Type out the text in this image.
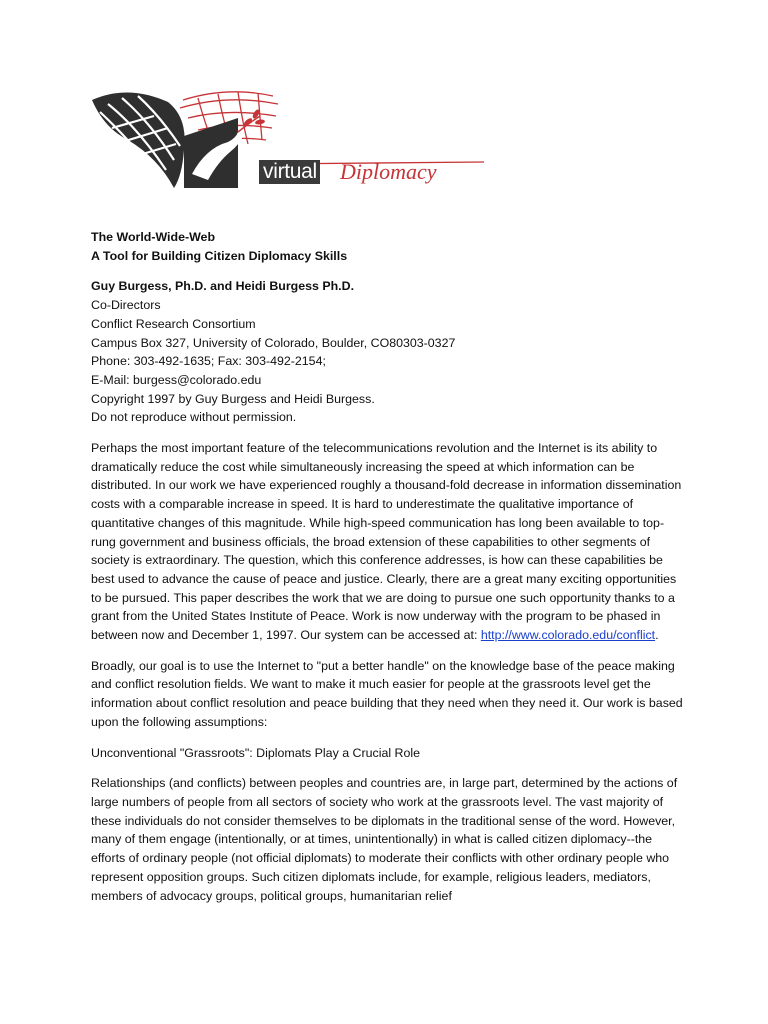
virtual Diplomacy

The World-Wide-Web

A Tool for Building Citizen Diplomacy Skills

Guy Burgess, Ph.D. and Heidi Burgess Ph.D.

Co-Directors

Conflict Research Consortium

Campus Box 327, University of Colorado, Boulder, CO80303-0327

Phone: 303-492-1635; Fax: 303-492-2154;

E-Mail: burgess@colorado.edu

Copyright 1997 by Guy Burgess and Heidi Burgess.

Do not reproduce without permission.

Perhaps the most important feature of the telecommunications revolution and the Internet is its ability to dramatically reduce the cost while simultaneously increasing the speed at which information can be distributed. In our work we have experienced roughly a thousand-fold decrease in information dissemination costs with a comparable increase in speed. It is hard to underestimate the qualitative importance of quantitative changes of this magnitude. While high-speed communication has long been available to top-rung government and business officials, the broad extension of these capabilities to other segments of society is extraordinary. The question, which this conference addresses, is how can these capabilities be best used to advance the cause of peace and justice. Clearly, there are a great many exciting opportunities to be pursued. This paper describes the work that we are doing to pursue one such opportunity thanks to a grant from the United States Institute of Peace. Work is now underway with the program to be phased in between now and December 1, 1997. Our system can be accessed at: http://www.colorado.edu/conflict.

Broadly, our goal is to use the Internet to "put a better handle" on the knowledge base of the peace making and conflict resolution fields. We want to make it much easier for people at the grassroots level get the information about conflict resolution and peace building that they need when they need it. Our work is based upon the following assumptions:

Unconventional "Grassroots": Diplomats Play a Crucial Role

Relationships (and conflicts) between peoples and countries are, in large part, determined by the actions of large numbers of people from all sectors of society who work at the grassroots level. The vast majority of these individuals do not consider themselves to be diplomats in the traditional sense of the word. However, many of them engage (intentionally, or at times, unintentionally) in what is called citizen diplomacy--the efforts of ordinary people (not official diplomats) to moderate their conflicts with other ordinary people who represent opposition groups. Such citizen diplomats include, for example, religious leaders, mediators, members of advocacy groups, political groups, humanitarian relief
